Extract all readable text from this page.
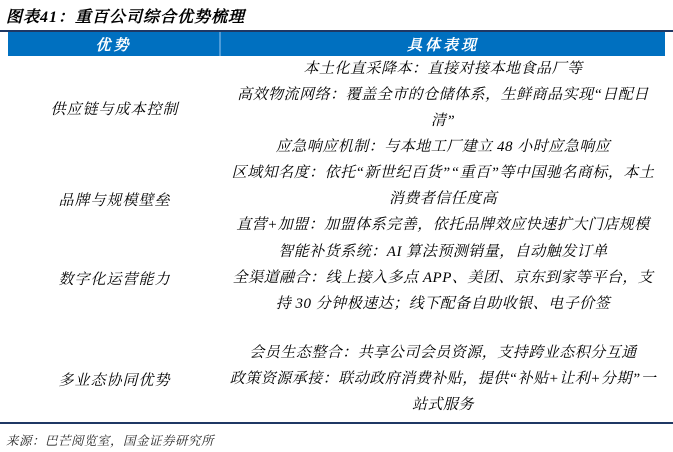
图表41：重百公司综合优势梳理
优势	具体表现
供应链与成本控制
本土化直采降本：直接对接本地食品厂等
高效物流网络：覆盖全市的仓储体系，生鲜商品实现“日配日清”
应急响应机制：与本地工厂建立 48 小时应急响应
品牌与规模壁垒
区域知名度：依托“新世纪百货”“重百”等中国驰名商标，本土消费者信任度高
直营+加盟：加盟体系完善，依托品牌效应快速扩大门店规模
数字化运营能力
智能补货系统：AI 算法预测销量，自动触发订单
全渠道融合：线上接入多点 APP、美团、京东到家等平台，支持 30 分钟极速达；线下配备自助收银、电子价签
多业态协同优势
会员生态整合：共享公司会员资源，支持跨业态积分互通
政策资源承接：联动政府消费补贴，提供“补贴+让利+分期”一站式服务
来源：巴芒阅览室，国金证券研究所
